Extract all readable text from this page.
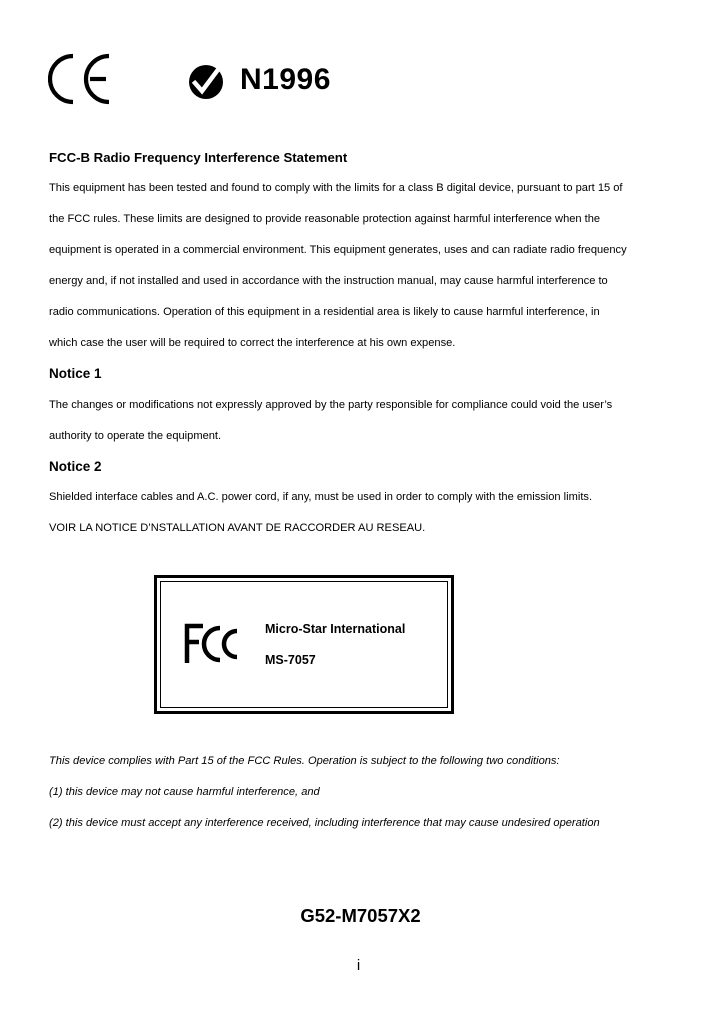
N1996
FCC-B Radio Frequency Interference Statement
This equipment has been tested and found to comply with the limits for a class B digital device, pursuant to part 15 of
the FCC rules. These limits are designed to provide reasonable protection against harmful interference when the
equipment is operated in a commercial environment. This equipment generates, uses and can radiate radio frequency
energy and, if not installed and used in accordance with the instruction manual, may cause harmful interference to
radio communications. Operation of this equipment in a residential area is likely to cause harmful interference, in
which case the user will be required to correct the interference at his own expense.
Notice 1
The changes or modifications not expressly approved by the party responsible for compliance could void the user’s
authority to operate the equipment.
Notice 2
Shielded interface cables and A.C. power cord, if any, must be used in order to comply with the emission limits.
VOIR LA NOTICE D’NSTALLATION AVANT DE RACCORDER AU RESEAU.
Micro-Star International
MS-7057
This device complies with Part 15 of the FCC Rules. Operation is subject to the following two conditions:
(1) this device may not cause harmful interference, and
(2) this device must accept any interference received, including interference that may cause undesired operation
G52-M7057X2
i
